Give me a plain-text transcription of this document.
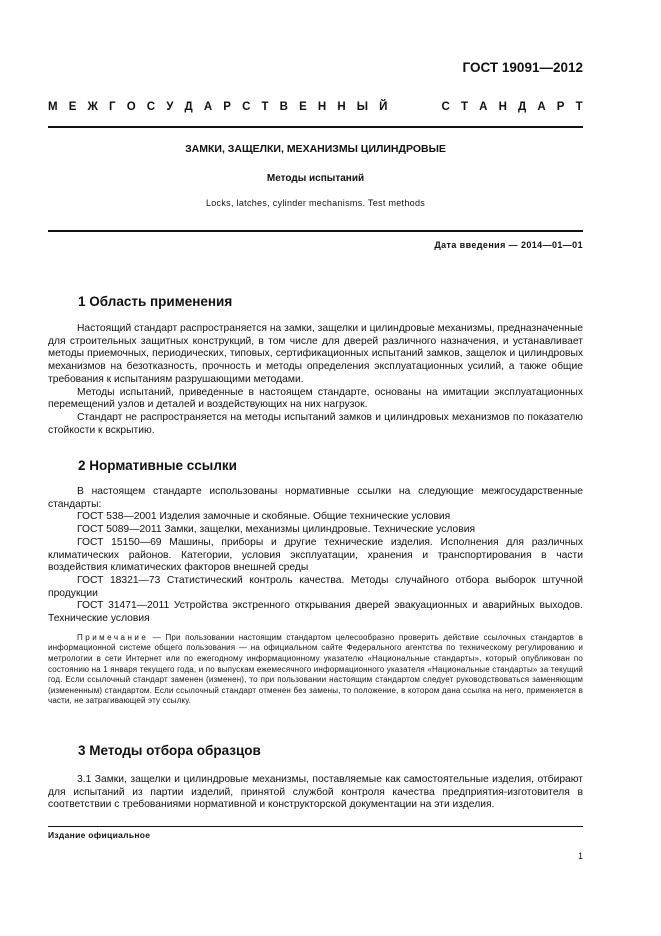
ГОСТ 19091—2012
М Е Ж Г О С У Д А Р С Т В Е Н Н Ы Й

	С Т А Н Д А Р Т
ЗАМКИ, ЗАЩЕЛКИ, МЕХАНИЗМЫ ЦИЛИНДРОВЫЕ
Методы испытаний
Locks, latches, cylinder mechanisms. Test methods
Дата введения — 2014—01—01
1 Область применения

Настоящий стандарт распространяется на замки, защелки и цилиндровые механизмы, предназначенные для строительных защитных конструкций, в том числе для дверей различного назначения, и устанавливает методы приемочных, периодических, типовых, сертификационных испытаний замков, защелок и цилиндровых механизмов на безотказность, прочность и методы определения эксплуатационных усилий, а также общие требования к испытаниям разрушающими методами.

Методы испытаний, приведенные в настоящем стандарте, основаны на имитации эксплуатационных перемещений узлов и деталей и воздействующих на них нагрузок.

Стандарт не распространяется на методы испытаний замков и цилиндровых механизмов по показателю стойкости к вскрытию.

2 Нормативные ссылки

В настоящем стандарте использованы нормативные ссылки на следующие межгосударственные стандарты:

ГОСТ 538—2001 Изделия замочные и скобяные. Общие технические условия

ГОСТ 5089—2011 Замки, защелки, механизмы цилиндровые. Технические условия

ГОСТ 15150—69 Машины, приборы и другие технические изделия. Исполнения для различных климатических районов. Категории, условия эксплуатации, хранения и транспортирования в части воздействия климатических факторов внешней среды

ГОСТ 18321—73 Статистический контроль качества. Методы случайного отбора выборок штучной продукции

ГОСТ 31471—2011 Устройства экстренного открывания дверей эвакуационных и аварийных выходов. Технические условия

Примечание — При пользовании настоящим стандартом целесообразно проверить действие ссылочных стандартов в информационной системе общего пользования — на официальном сайте Федерального агентства по техническому регулированию и метрологии в сети Интернет или по ежегодному информационному указателю «Национальные стандарты», который опубликован по состоянию на 1 января текущего года, и по выпускам ежемесячного информационного указателя «Национальные стандарты» за текущий год. Если ссылочный стандарт заменен (изменен), то при пользовании настоящим стандартом следует руководствоваться заменяющим (измененным) стандартом. Если ссылочный стандарт отменен без замены, то положение, в котором дана ссылка на него, применяется в части, не затрагивающей эту ссылку.

3 Методы отбора образцов

3.1 Замки, защелки и цилиндровые механизмы, поставляемые как самостоятельные изделия, отбирают для испытаний из партии изделий, принятой службой контроля качества предприятия-изготовителя в соответствии с требованиями нормативной и конструкторской документации на эти изделия.

Издание официальное
1
